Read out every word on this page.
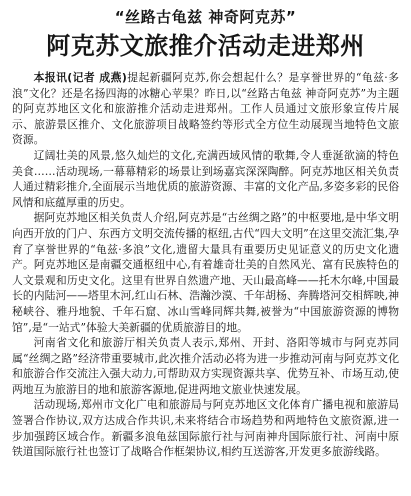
“丝路古龟兹 神奇阿克苏”
阿克苏文旅推介活动走进郑州

本报讯(记者 成燕)提起新疆阿克苏,你会想起什么？是享誉世界的“龟兹·多浪”文化？还是名扬四海的冰糖心苹果？昨日,以“丝路古龟兹 神奇阿克苏”为主题的阿克苏地区文化和旅游推介活动走进郑州。工作人员通过文旅形象宣传片展示、旅游景区推介、文化旅游项目战略签约等形式全方位生动展现当地特色文旅资源。

辽阔壮美的风景,悠久灿烂的文化,充满西域风情的歌舞,令人垂涎欲滴的特色美食……活动现场,一幕幕精彩的场景让到场嘉宾深深陶醉。阿克苏地区相关负责人通过精彩推介,全面展示当地优质的旅游资源、丰富的文化产品,多姿多彩的民俗风情和底蕴厚重的历史。

据阿克苏地区相关负责人介绍,阿克苏是“古丝绸之路”的中枢要地,是中华文明向西开放的门户、东西方文明交流传播的枢纽,古代“四大文明”在这里交流汇集,孕育了享誉世界的“龟兹·多浪”文化,遗留大量具有重要历史见证意义的历史文化遗产。阿克苏地区是南疆交通枢纽中心,有着雄奇壮美的自然风光、富有民族特色的人文景观和历史文化。这里有世界自然遗产地、天山最高峰——托木尔峰,中国最长的内陆河——塔里木河,红山石林、浩瀚沙漠、千年胡杨、奔腾塔河交相辉映,神秘峡谷、雅丹地貌、千年石窟、冰山雪峰同辉共舞,被誉为“中国旅游资源的博物馆”,是“一站式”体验大美新疆的优质旅游目的地。

河南省文化和旅游厅相关负责人表示,郑州、开封、洛阳等城市与阿克苏同属“丝绸之路”经济带重要城市,此次推介活动必将为进一步推动河南与阿克苏文化和旅游合作交流注入强大动力,可帮助双方实现资源共享、优势互补、市场互动,使两地互为旅游目的地和旅游客源地,促进两地文旅业快速发展。

活动现场,郑州市文化广电和旅游局与阿克苏地区文化体育广播电视和旅游局签署合作协议,双方达成合作共识,未来将结合市场趋势和两地特色文旅资源,进一步加强跨区域合作。新疆多浪龟兹国际旅行社与河南神舟国际旅行社、河南中原铁道国际旅行社也签订了战略合作框架协议,相约互送游客,开发更多旅游线路。
